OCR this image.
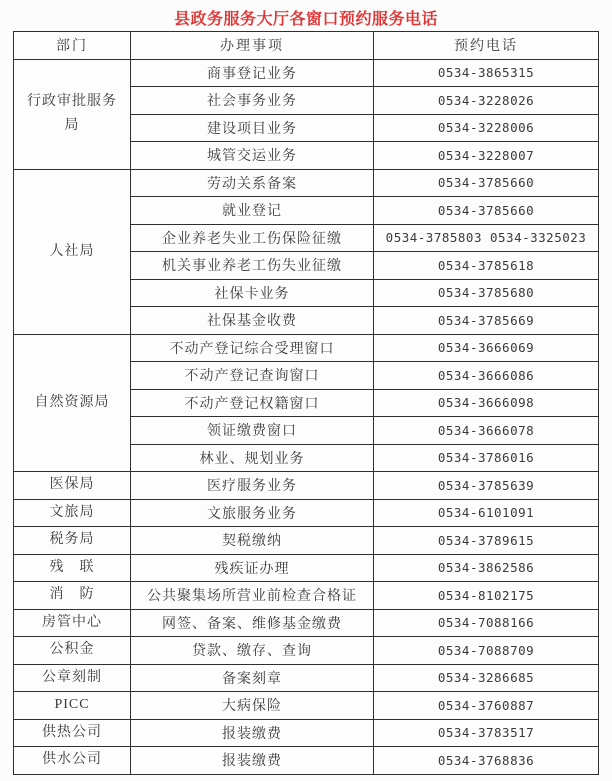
县政务服务大厅各窗口预约服务电话
部门	办理事项	预约电话
行政审批服务局	商事登记业务	0534-3865315
	社会事务业务	0534-3228026
	建设项目业务	0534-3228006
	城管交运业务	0534-3228007
人社局	劳动关系备案	0534-3785660
	就业登记	0534-3785660
	企业养老失业工伤保险征缴	0534-3785803 0534-3325023
	机关事业养老工伤失业征缴	0534-3785618
	社保卡业务	0534-3785680
	社保基金收费	0534-3785669
自然资源局	不动产登记综合受理窗口	0534-3666069
	不动产登记查询窗口	0534-3666086
	不动产登记权籍窗口	0534-3666098
	领证缴费窗口	0534-3666078
	林业、规划业务	0534-3786016
医保局	医疗服务业务	0534-3785639
文旅局	文旅服务业务	0534-6101091
税务局	契税缴纳	0534-3789615
残　联	残疾证办理	0534-3862586
消　防	公共聚集场所营业前检查合格证	0534-8102175
房管中心	网签、备案、维修基金缴费	0534-7088166
公积金	贷款、缴存、查询	0534-7088709
公章刻制	备案刻章	0534-3286685
PICC	大病保险	0534-3760887
供热公司	报装缴费	0534-3783517
供水公司	报装缴费	0534-3768836
